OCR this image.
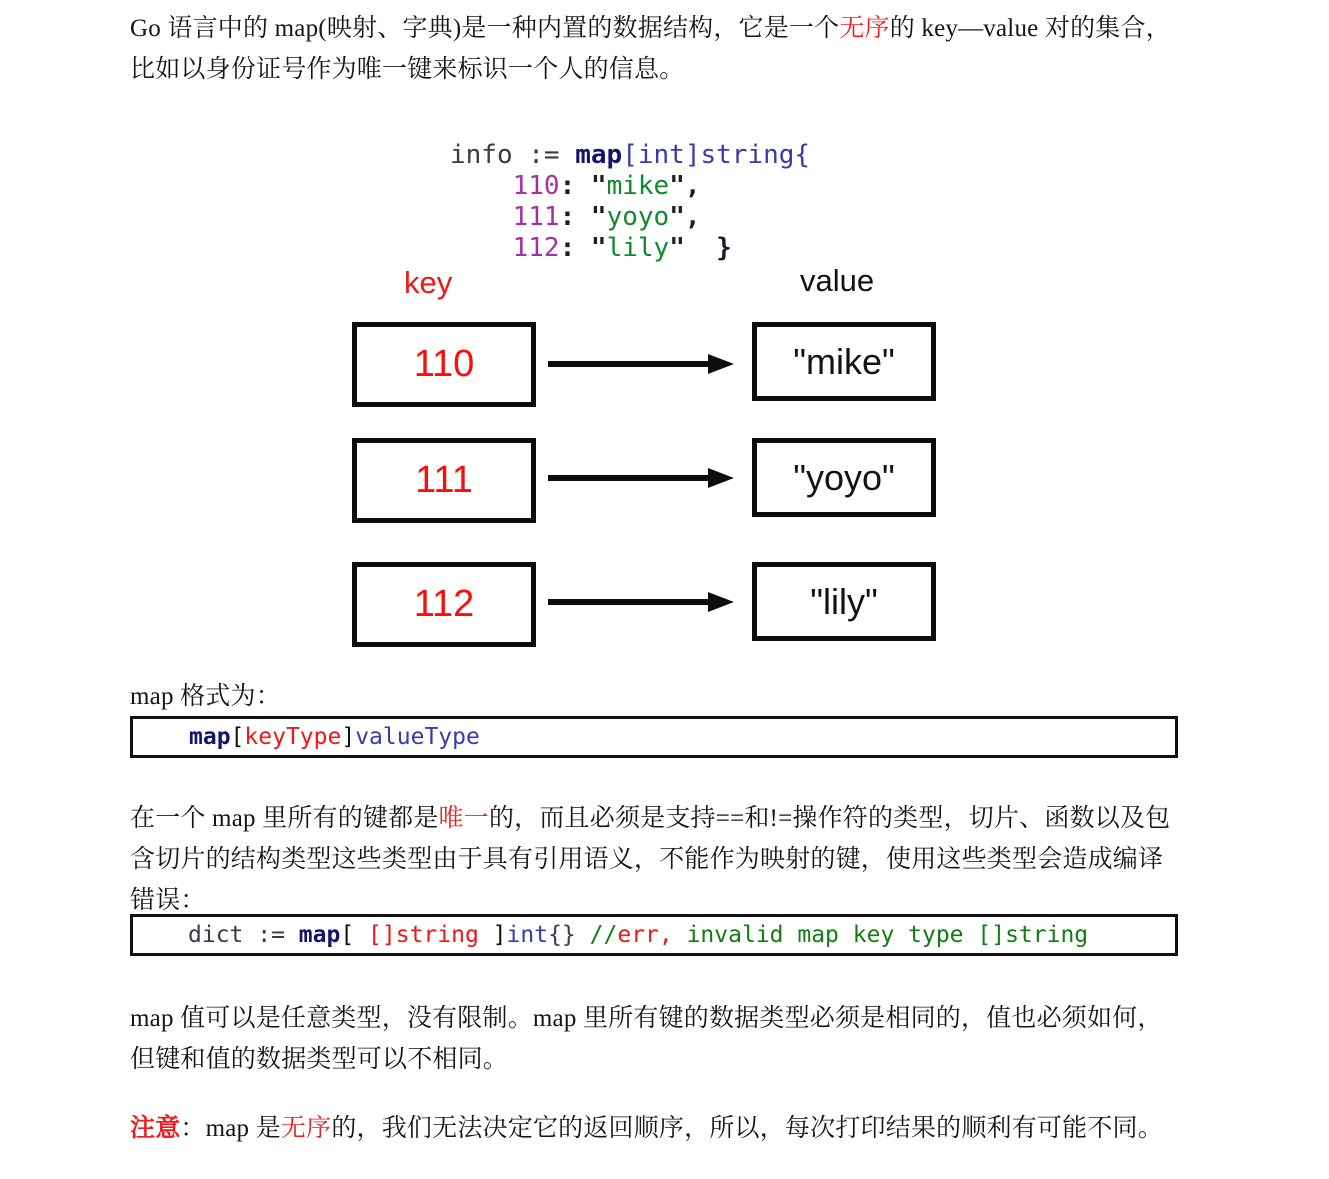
Go 语言中的 map(映射、字典)是一种内置的数据结构，它是一个无序的 key—value 对的集合，比如以身份证号作为唯一键来标识一个人的信息。
info := map[int]string{
110: "mike",
111: "yoyo",
112: "lily" }
key	value
110
111
112
"mike"
"yoyo"
"lily"
map 格式为：
map[keyType]valueType
在一个 map 里所有的键都是唯一的，而且必须是支持==和!=操作符的类型，切片、函数以及包含切片的结构类型这些类型由于具有引用语义，不能作为映射的键，使用这些类型会造成编译错误：
dict := map[ []string ]int{} //err, invalid map key type []string
map 值可以是任意类型，没有限制。map 里所有键的数据类型必须是相同的，值也必须如何，但键和值的数据类型可以不相同。
注意：map 是无序的，我们无法决定它的返回顺序，所以，每次打印结果的顺利有可能不同。
